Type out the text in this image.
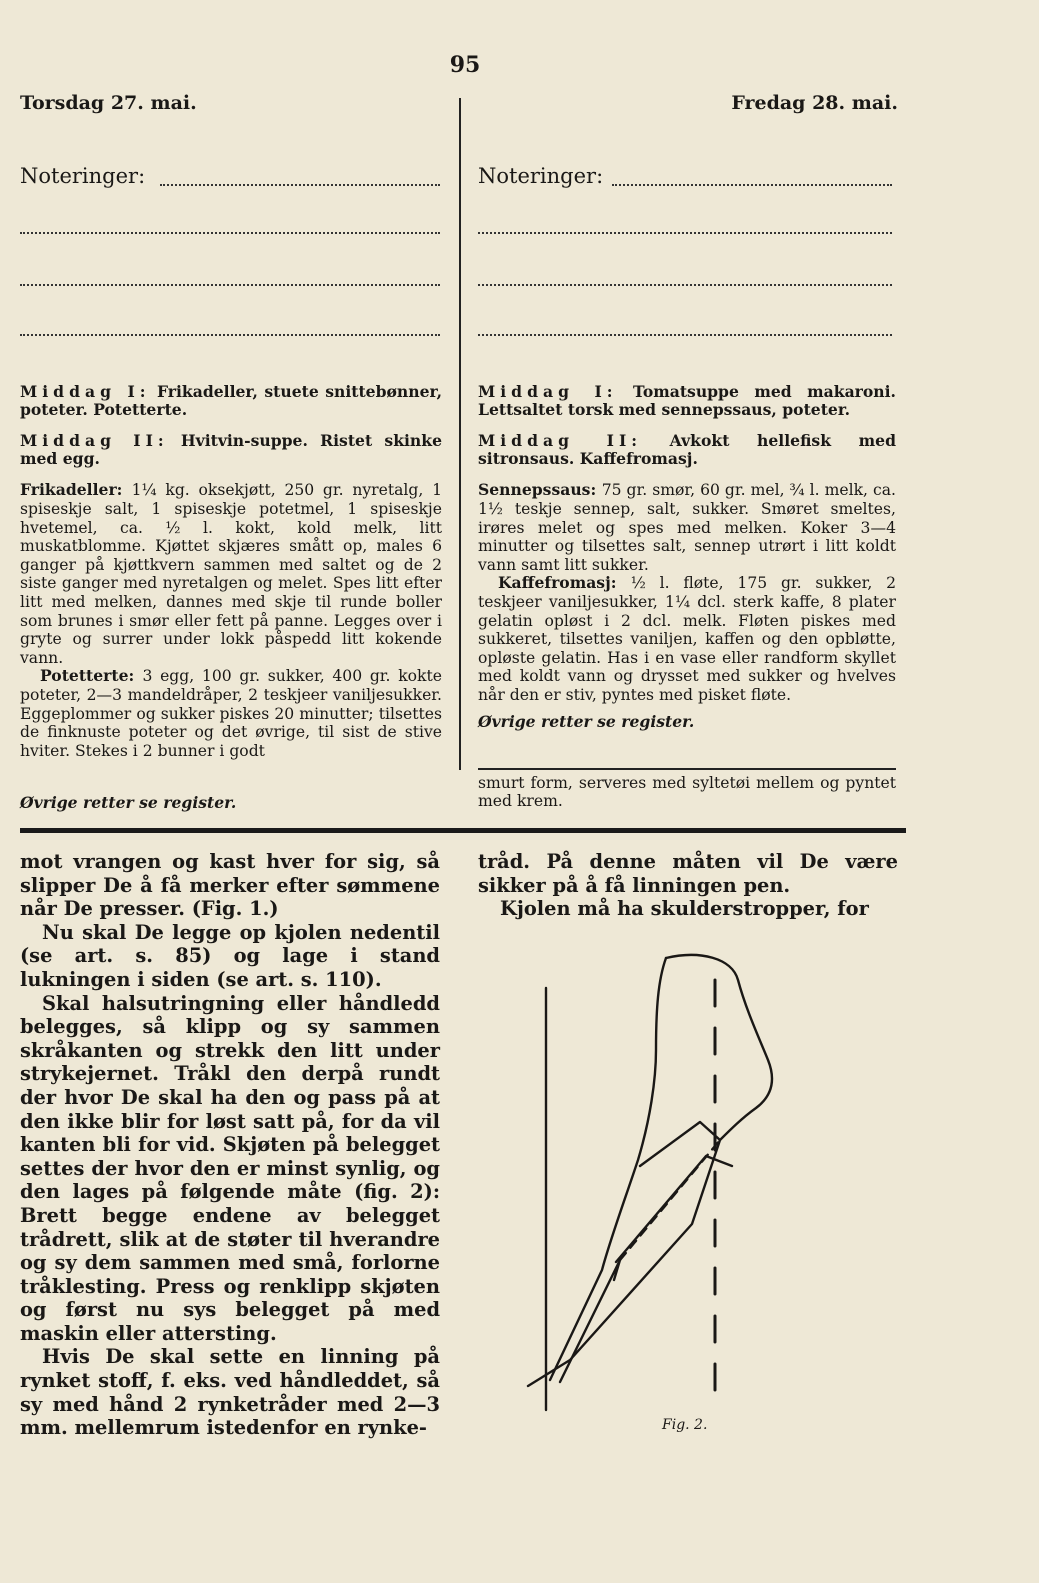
95
Torsdag 27. mai.	Fredag 28. mai.
Noteringer:	Noteringer:

Middag I: Frikadeller, stuete snittebønner, poteter. Potetterte.

Middag II: Hvitvin-suppe. Ristet skinke med egg.

Frikadeller: 1¼ kg. oksekjøtt, 250 gr. nyretalg, 1 spiseskje salt, 1 spiseskje potetmel, 1 spiseskje hvetemel, ca. ½ l. kokt, kold melk, litt muskatblomme. Kjøttet skjæres smått op, males 6 ganger på kjøttkvern sammen med saltet og de 2 siste ganger med nyretalgen og melet. Spes litt efter litt med melken, dannes med skje til runde boller som brunes i smør eller fett på panne. Legges over i gryte og surrer under lokk påspedd litt kokende vann.

Potetterte: 3 egg, 100 gr. sukker, 400 gr. kokte poteter, 2—3 mandeldråper, 2 teskjeer vaniljesukker. Eggeplommer og sukker piskes 20 minutter; tilsettes de finknuste poteter og det øvrige, til sist de stive hviter. Stekes i 2 bunner i godt

Øvrige retter se register.

Middag I: Tomatsuppe med makaroni. Lettsaltet torsk med sennepssaus, poteter.

Middag II: Avkokt hellefisk med sitronsaus. Kaffefromasj.

Sennepssaus: 75 gr. smør, 60 gr. mel, ¾ l. melk, ca. 1½ teskje sennep, salt, sukker. Smøret smeltes, irøres melet og spes med melken. Koker 3—4 minutter og tilsettes salt, sennep utrørt i litt koldt vann samt litt sukker.

Kaffefromasj: ½ l. fløte, 175 gr. sukker, 2 teskjeer vaniljesukker, 1¼ dcl. sterk kaffe, 8 plater gelatin opløst i 2 dcl. melk. Fløten piskes med sukkeret, tilsettes vaniljen, kaffen og den opbløtte, opløste gelatin. Has i en vase eller randform skyllet med koldt vann og drysset med sukker og hvelves når den er stiv, pyntes med pisket fløte.

Øvrige retter se register.

smurt form, serveres med syltetøi mellem og pyntet med krem.

mot vrangen og kast hver for sig, så slipper De å få merker efter sømmene når De presser. (Fig. 1.)

Nu skal De legge op kjolen nedentil (se art. s. 85) og lage i stand lukningen i siden (se art. s. 110).

Skal halsutringning eller håndledd belegges, så klipp og sy sammen skråkanten og strekk den litt under strykejernet. Tråkl den derpå rundt der hvor De skal ha den og pass på at den ikke blir for løst satt på, for da vil kanten bli for vid. Skjøten på belegget settes der hvor den er minst synlig, og den lages på følgende måte (fig. 2): Brett begge endene av belegget trådrett, slik at de støter til hverandre og sy dem sammen med små, forlorne tråklesting. Press og renklipp skjøten og først nu sys belegget på med maskin eller attersting.

Hvis De skal sette en linning på rynket stoff, f. eks. ved håndleddet, så sy med hånd 2 rynketråder med 2—3 mm. mellemrum istedenfor en rynke-

tråd. På denne måten vil De være sikker på å få linningen pen.

Kjolen må ha skulderstropper, for

Fig. 2.
